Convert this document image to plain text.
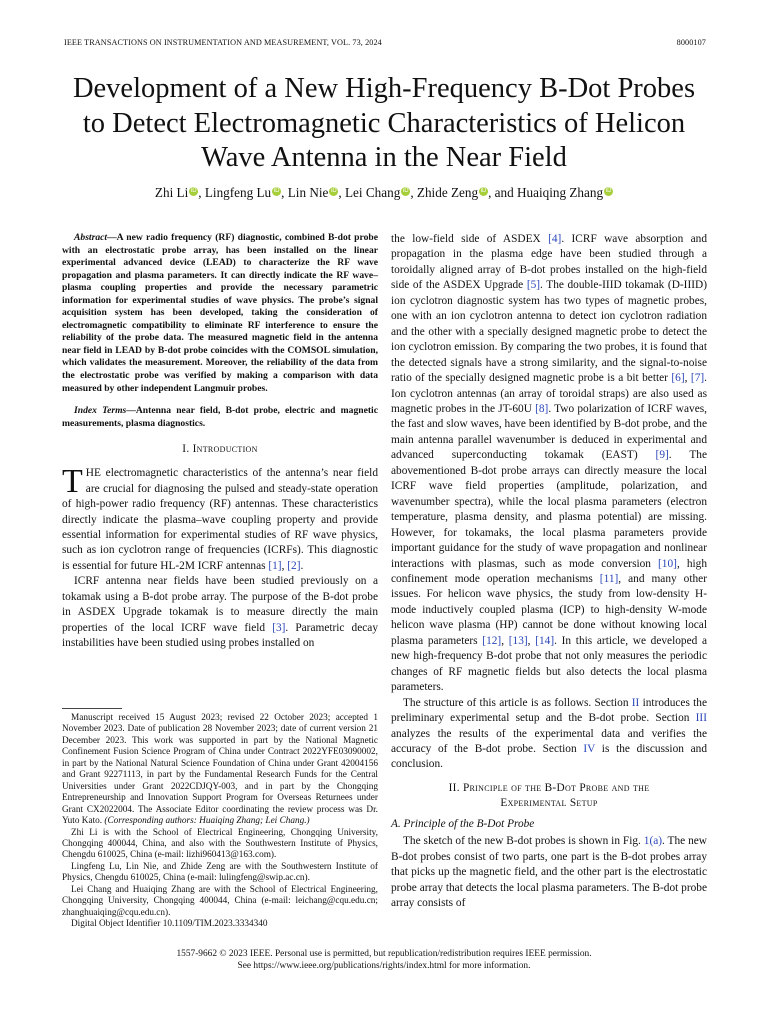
IEEE TRANSACTIONS ON INSTRUMENTATION AND MEASUREMENT, VOL. 73, 2024	8000107
Development of a New High-Frequency B-Dot Probes to Detect Electromagnetic Characteristics of Helicon Wave Antenna in the Near Field
Zhi Li iD , Lingfeng Lu iD , Lin Nie iD , Lei Chang iD , Zhide Zeng iD , and Huaiqing Zhang iD

Abstract—A new radio frequency (RF) diagnostic, combined B-dot probe with an electrostatic probe array, has been installed on the linear experimental advanced device (LEAD) to characterize the RF wave propagation and plasma parameters. It can directly indicate the RF wave–plasma coupling properties and provide the necessary parametric information for experimental studies of wave physics. The probe’s signal acquisition system has been developed, taking the consideration of electromagnetic compatibility to eliminate RF interference to ensure the reliability of the probe data. The measured magnetic field in the antenna near field in LEAD by B-dot probe coincides with the COMSOL simulation, which validates the measurement. Moreover, the reliability of the data from the electrostatic probe was verified by making a comparison with data measured by other independent Langmuir probes.

Index Terms—Antenna near field, B-dot probe, electric and magnetic measurements, plasma diagnostics.

I. Introduction

THE electromagnetic characteristics of the antenna’s near field are crucial for diagnosing the pulsed and steady-state operation of high-power radio frequency (RF) antennas. These characteristics directly indicate the plasma–wave coupling property and provide essential information for experimental studies of RF wave physics, such as ion cyclotron range of frequencies (ICRFs). This diagnostic is essential for future HL-2M ICRF antennas [1], [2].

ICRF antenna near fields have been studied previously on a tokamak using a B-dot probe array. The purpose of the B-dot probe in ASDEX Upgrade tokamak is to measure directly the main properties of the local ICRF wave field [3]. Parametric decay instabilities have been studied using probes installed on

Manuscript received 15 August 2023; revised 22 October 2023; accepted 1 November 2023. Date of publication 28 November 2023; date of current version 21 December 2023. This work was supported in part by the National Magnetic Confinement Fusion Science Program of China under Contract 2022YFE03090002, in part by the National Natural Science Foundation of China under Grant 42004156 and Grant 92271113, in part by the Fundamental Research Funds for the Central Universities under Grant 2022CDJQY-003, and in part by the Chongqing Entrepreneurship and Innovation Support Program for Overseas Returnees under Grant CX2022004. The Associate Editor coordinating the review process was Dr. Yuto Kato. (Corresponding authors: Huaiqing Zhang; Lei Chang.)

Zhi Li is with the School of Electrical Engineering, Chongqing University, Chongqing 400044, China, and also with the Southwestern Institute of Physics, Chengdu 610025, China (e-mail: lizhi960413@163.com).

Lingfeng Lu, Lin Nie, and Zhide Zeng are with the Southwestern Institute of Physics, Chengdu 610025, China (e-mail: lulingfeng@swip.ac.cn).

Lei Chang and Huaiqing Zhang are with the School of Electrical Engineering, Chongqing University, Chongqing 400044, China (e-mail: leichang@cqu.edu.cn; zhanghuaiqing@cqu.edu.cn).

Digital Object Identifier 10.1109/TIM.2023.3334340

the low-field side of ASDEX [4]. ICRF wave absorption and propagation in the plasma edge have been studied through a toroidally aligned array of B-dot probes installed on the high-field side of the ASDEX Upgrade [5]. The double-IIID tokamak (D-IIID) ion cyclotron diagnostic system has two types of magnetic probes, one with an ion cyclotron antenna to detect ion cyclotron radiation and the other with a specially designed magnetic probe to detect the ion cyclotron emission. By comparing the two probes, it is found that the detected signals have a strong similarity, and the signal-to-noise ratio of the specially designed magnetic probe is a bit better [6], [7]. Ion cyclotron antennas (an array of toroidal straps) are also used as magnetic probes in the JT-60U [8]. Two polarization of ICRF waves, the fast and slow waves, have been identified by B-dot probe, and the main antenna parallel wavenumber is deduced in experimental and advanced superconducting tokamak (EAST) [9]. The abovementioned B-dot probe arrays can directly measure the local ICRF wave field properties (amplitude, polarization, and wavenumber spectra), while the local plasma parameters (electron temperature, plasma density, and plasma potential) are missing. However, for tokamaks, the local plasma parameters provide important guidance for the study of wave propagation and nonlinear interactions with plasmas, such as mode conversion [10], high confinement mode operation mechanisms [11], and many other issues. For helicon wave physics, the study from low-density H-mode inductively coupled plasma (ICP) to high-density W-mode helicon wave plasma (HP) cannot be done without knowing local plasma parameters [12], [13], [14]. In this article, we developed a new high-frequency B-dot probe that not only measures the periodic changes of RF magnetic fields but also detects the local plasma parameters.

The structure of this article is as follows. Section II introduces the preliminary experimental setup and the B-dot probe. Section III analyzes the results of the experimental data and verifies the accuracy of the B-dot probe. Section IV is the discussion and conclusion.

II. Principle of the B-Dot Probe and the
Experimental Setup
A. Principle of the B-Dot Probe

The sketch of the new B-dot probes is shown in Fig. 1(a). The new B-dot probes consist of two parts, one part is the B-dot probes array that picks up the magnetic field, and the other part is the electrostatic probe array that detects the local plasma parameters. The B-dot probe array consists of

1557-9662 © 2023 IEEE. Personal use is permitted, but republication/redistribution requires IEEE permission.
See https://www.ieee.org/publications/rights/index.html for more information.
